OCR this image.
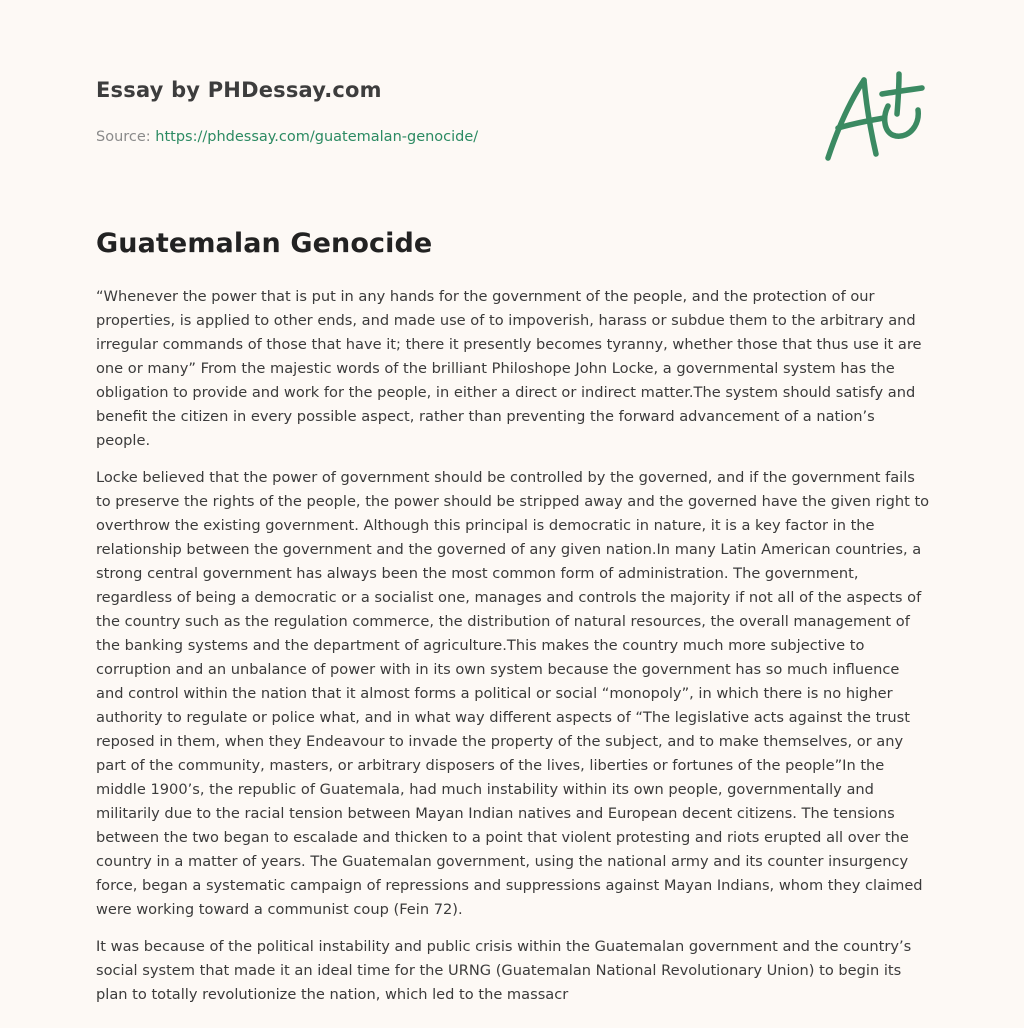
Essay by PHDessay.com
Source: https://phdessay.com/guatemalan-genocide/
Guatemalan Genocide

“Whenever the power that is put in any hands for the government of the people, and the protection of our properties, is applied to other ends, and made use of to impoverish, harass or subdue them to the arbitrary and irregular commands of those that have it; there it presently becomes tyranny, whether those that thus use it are one or many” From the majestic words of the brilliant Philoshope John Locke, a governmental system has the obligation to provide and work for the people, in either a direct or indirect matter.The system should satisfy and benefit the citizen in every possible aspect, rather than preventing the forward advancement of a nation’s people.

Locke believed that the power of government should be controlled by the governed, and if the government fails to preserve the rights of the people, the power should be stripped away and the governed have the given right to overthrow the existing government. Although this principal is democratic in nature, it is a key factor in the relationship between the government and the governed of any given nation.In many Latin American countries, a strong central government has always been the most common form of administration. The government, regardless of being a democratic or a socialist one, manages and controls the majority if not all of the aspects of the country such as the regulation commerce, the distribution of natural resources, the overall management of the banking systems and the department of agriculture.This makes the country much more subjective to corruption and an unbalance of power with in its own system because the government has so much influence and control within the nation that it almost forms a political or social “monopoly”, in which there is no higher authority to regulate or police what, and in what way different aspects of “The legislative acts against the trust reposed in them, when they Endeavour to invade the property of the subject, and to make themselves, or any part of the community, masters, or arbitrary disposers of the lives, liberties or fortunes of the people”In the middle 1900’s, the republic of Guatemala, had much instability within its own people, governmentally and militarily due to the racial tension between Mayan Indian natives and European decent citizens. The tensions between the two began to escalade and thicken to a point that violent protesting and riots erupted all over the country in a matter of years. The Guatemalan government, using the national army and its counter insurgency force, began a systematic campaign of repressions and suppressions against Mayan Indians, whom they claimed were working toward a communist coup (Fein 72).

It was because of the political instability and public crisis within the Guatemalan government and the country’s social system that made it an ideal time for the URNG (Guatemalan National Revolutionary Union) to begin its plan to totally revolutionize the nation, which led to the massacr
